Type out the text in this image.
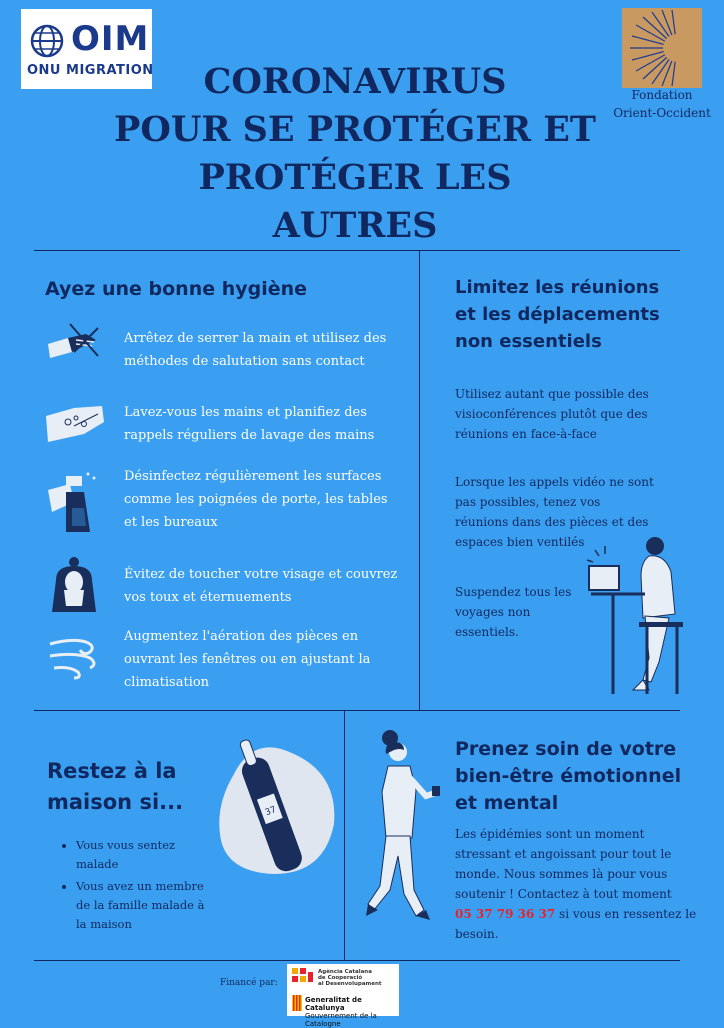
OIM
ONU MIGRATION	CORONAVIRUS
POUR SE PROTÉGER ET
PROTÉGER LES
AUTRES
Fondation
Orient-Occident
Ayez une bonne hygiène
Arrêtez de serrer la main et utilisez des
méthodes de salutation sans contact
Lavez-vous les mains et planifiez des
rappels réguliers de lavage des mains
Désinfectez régulièrement les surfaces
comme les poignées de porte, les tables
et les bureaux
Évitez de toucher votre visage et couvrez
vos toux et éternuements
Augmentez l'aération des pièces en
ouvrant les fenêtres ou en ajustant la
climatisation
Limitez les réunions
et les déplacements
non essentiels
Utilisez autant que possible des
visioconférences plutôt que des
réunions en face-à-face
Lorsque les appels vidéo ne sont
pas possibles, tenez vos
réunions dans des pièces et des
espaces bien ventilés
Suspendez tous les
voyages non
essentiels.
Restez à la
maison si...	37
• Vous vous sentez malade
• Vous avez un membre de la famille malade à la maison
Prenez soin de votre
bien-être émotionnel
et mental
Les épidémies sont un moment
stressant et angoissant pour tout le
monde. Nous sommes là pour vous
soutenir ! Contactez à tout moment
05 37 79 36 37 si vous en ressentez le
besoin.
Financé par:
Agència Catalana
de Cooperació
al Desenvolupament
Generalitat de Catalunya
Gouvernement de la Catalogne
